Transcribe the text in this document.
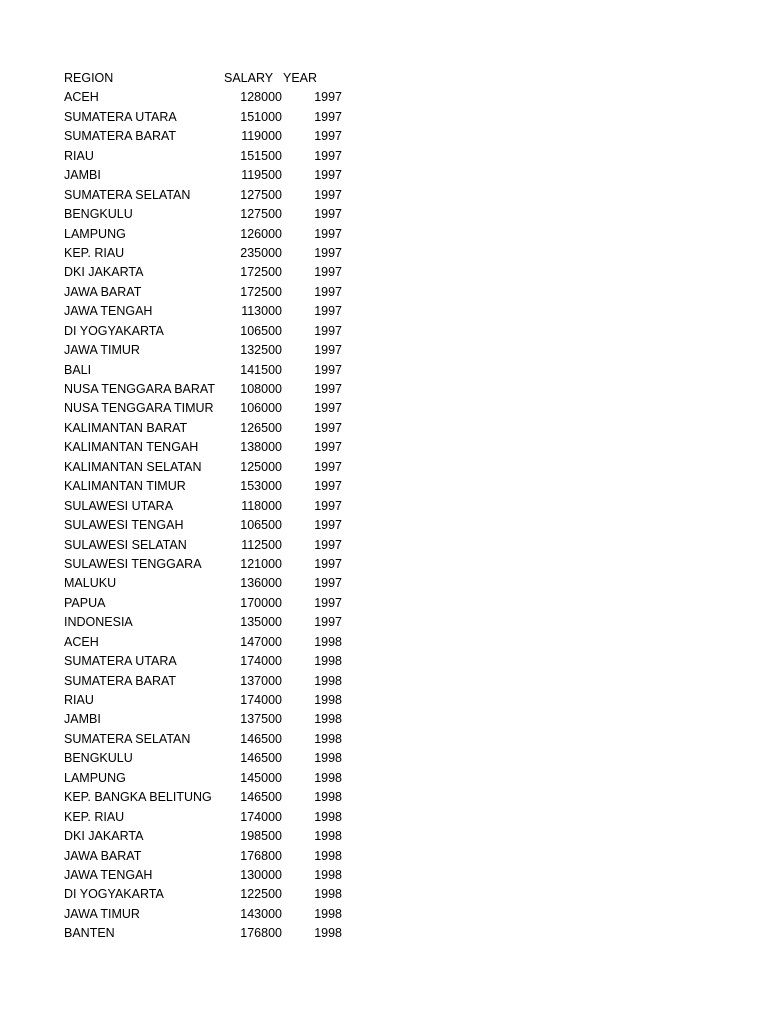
REGION	SALARY YEAR
ACEH	128000	1997
SUMATERA UTARA	151000	1997
SUMATERA BARAT	119000	1997
RIAU	151500	1997
JAMBI	119500	1997
SUMATERA SELATAN	127500	1997
BENGKULU	127500	1997
LAMPUNG	126000	1997
KEP. RIAU	235000	1997
DKI JAKARTA	172500	1997
JAWA BARAT	172500	1997
JAWA TENGAH	113000	1997
DI YOGYAKARTA	106500	1997
JAWA TIMUR	132500	1997
BALI	141500	1997
NUSA TENGGARA BARAT	108000	1997
NUSA TENGGARA TIMUR	106000	1997
KALIMANTAN BARAT	126500	1997
KALIMANTAN TENGAH	138000	1997
KALIMANTAN SELATAN	125000	1997
KALIMANTAN TIMUR	153000	1997
SULAWESI UTARA	118000	1997
SULAWESI TENGAH	106500	1997
SULAWESI SELATAN	112500	1997
SULAWESI TENGGARA	121000	1997
MALUKU	136000	1997
PAPUA	170000	1997
INDONESIA	135000	1997
ACEH	147000	1998
SUMATERA UTARA	174000	1998
SUMATERA BARAT	137000	1998
RIAU	174000	1998
JAMBI	137500	1998
SUMATERA SELATAN	146500	1998
BENGKULU	146500	1998
LAMPUNG	145000	1998
KEP. BANGKA BELITUNG	146500	1998
KEP. RIAU	174000	1998
DKI JAKARTA	198500	1998
JAWA BARAT	176800	1998
JAWA TENGAH	130000	1998
DI YOGYAKARTA	122500	1998
JAWA TIMUR	143000	1998
BANTEN	176800	1998
